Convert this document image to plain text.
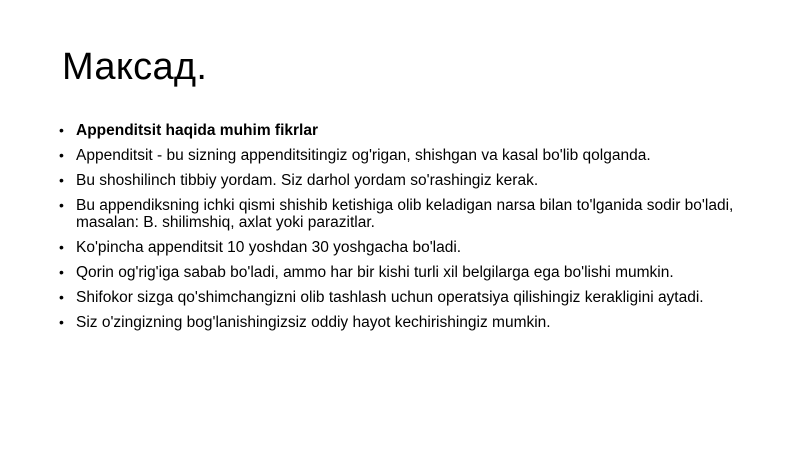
Максад.
• Appenditsit haqida muhim fikrlar
• Appenditsit - bu sizning appenditsitingiz og'rigan, shishgan va kasal bo'lib qolganda.
• Bu shoshilinch tibbiy yordam. Siz darhol yordam so'rashingiz kerak.
• Bu appendiksning ichki qismi shishib ketishiga olib keladigan narsa bilan to'lganida sodir bo'ladi, masalan: B. shilimshiq, axlat yoki parazitlar.
• Ko'pincha appenditsit 10 yoshdan 30 yoshgacha bo'ladi.
• Qorin og'rig'iga sabab bo'ladi, ammo har bir kishi turli xil belgilarga ega bo'lishi mumkin.
• Shifokor sizga qo'shimchangizni olib tashlash uchun operatsiya qilishingiz kerakligini aytadi.
• Siz o'zingizning bog'lanishingizsiz oddiy hayot kechirishingiz mumkin.
